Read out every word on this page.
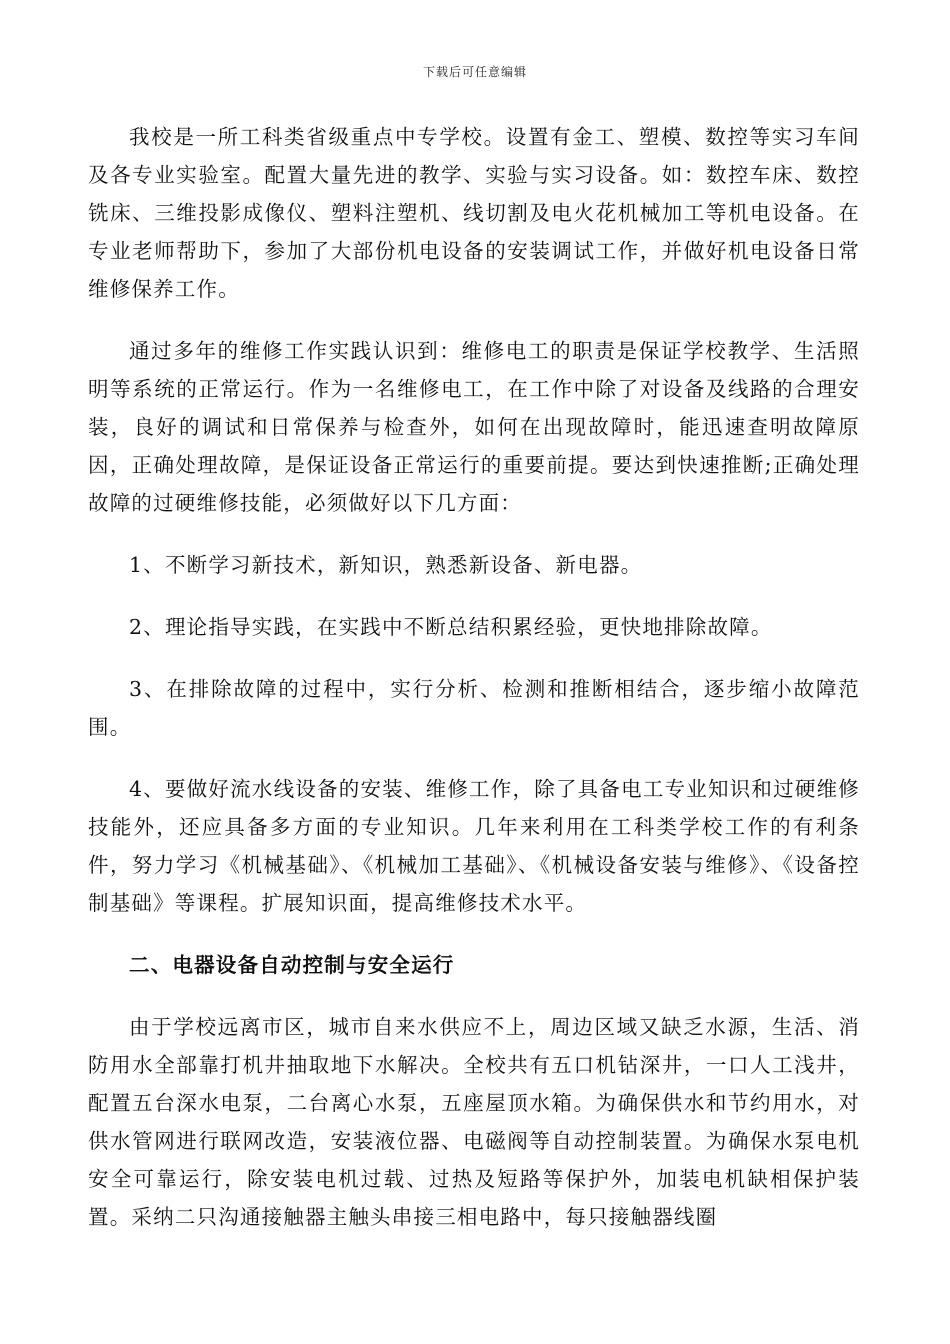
下载后可任意编辑

我校是一所工科类省级重点中专学校。设置有金工、塑模、数控等实习车间及各专业实验室。配置大量先进的教学、实验与实习设备。如：数控车床、数控铣床、三维投影成像仪、塑料注塑机、线切割及电火花机械加工等机电设备。在专业老师帮助下，参加了大部份机电设备的安装调试工作，并做好机电设备日常维修保养工作。

通过多年的维修工作实践认识到：维修电工的职责是保证学校教学、生活照明等系统的正常运行。作为一名维修电工，在工作中除了对设备及线路的合理安装，良好的调试和日常保养与检查外，如何在出现故障时，能迅速查明故障原因，正确处理故障，是保证设备正常运行的重要前提。要达到快速推断;正确处理故障的过硬维修技能，必须做好以下几方面：

1、不断学习新技术，新知识，熟悉新设备、新电器。

2、理论指导实践，在实践中不断总结积累经验，更快地排除故障。

3、在排除故障的过程中，实行分析、检测和推断相结合，逐步缩小故障范围。

4、要做好流水线设备的安装、维修工作，除了具备电工专业知识和过硬维修技能外，还应具备多方面的专业知识。几年来利用在工科类学校工作的有利条件，努力学习《机械基础》、《机械加工基础》、《机械设备安装与维修》、《设备控制基础》等课程。扩展知识面，提高维修技术水平。

二、电器设备自动控制与安全运行

由于学校远离市区，城市自来水供应不上，周边区域又缺乏水源，生活、消防用水全部靠打机井抽取地下水解决。全校共有五口机钻深井，一口人工浅井，配置五台深水电泵，二台离心水泵，五座屋顶水箱。为确保供水和节约用水，对供水管网进行联网改造，安装液位器、电磁阀等自动控制装置。为确保水泵电机安全可靠运行，除安装电机过载、过热及短路等保护外，加装电机缺相保护装置。采纳二只沟通接触器主触头串接三相电路中，每只接触器线圈
